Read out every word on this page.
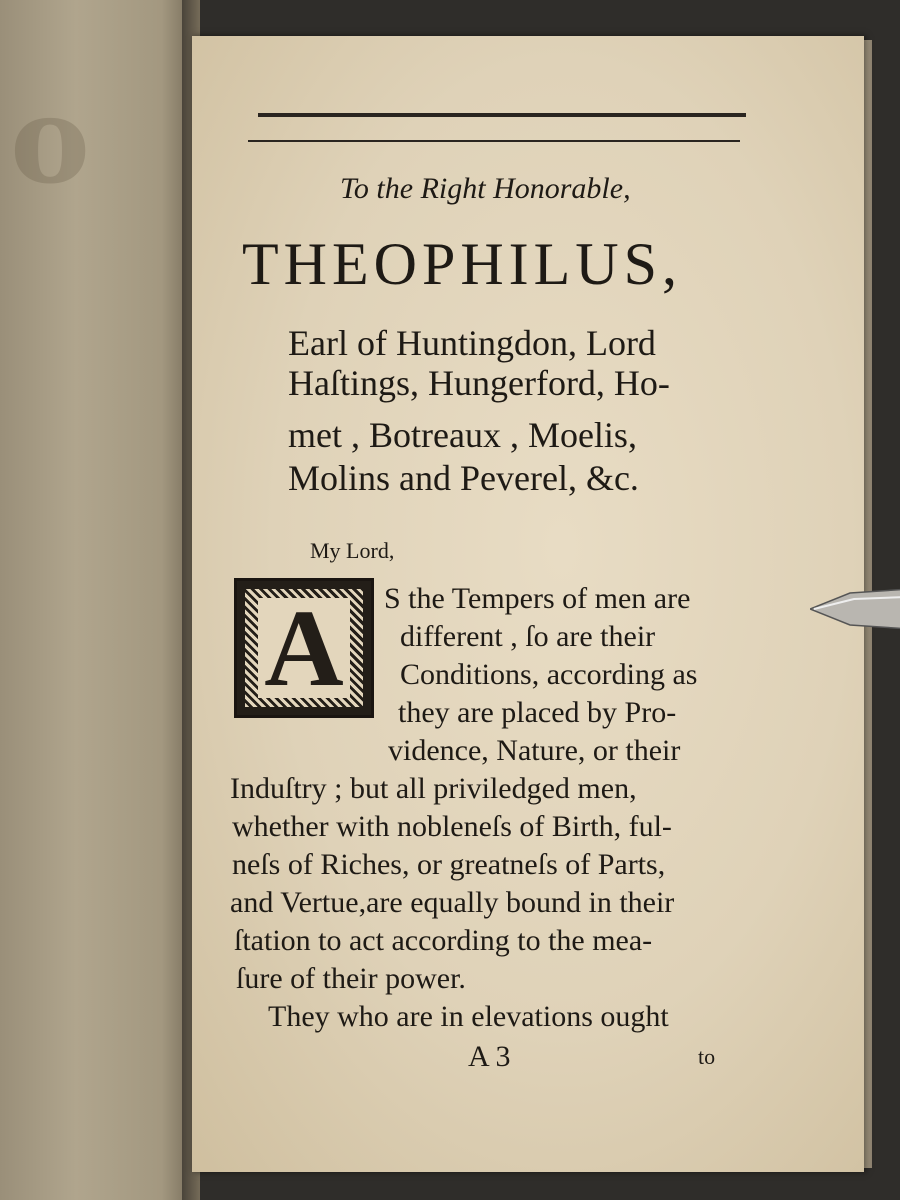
o	To the Right Honorable,
THEOPHILUS,
Earl of Huntingdon, Lord
Haſtings, Hungerford, Ho-
met , Botreaux , Moelis,
Molins and Peverel, &c.
My Lord,
A S the Tempers of men are
different , ſo are their
Conditions, according as
they are placed by Pro-
vidence, Nature, or their
Induſtry ; but all priviledged men,
whether with nobleneſs of Birth, ful-
neſs of Riches, or greatneſs of Parts,
and Vertue,are equally bound in their
ſtation to act according to the mea-
ſure of their power.
They who are in elevations ought
A 3	to
